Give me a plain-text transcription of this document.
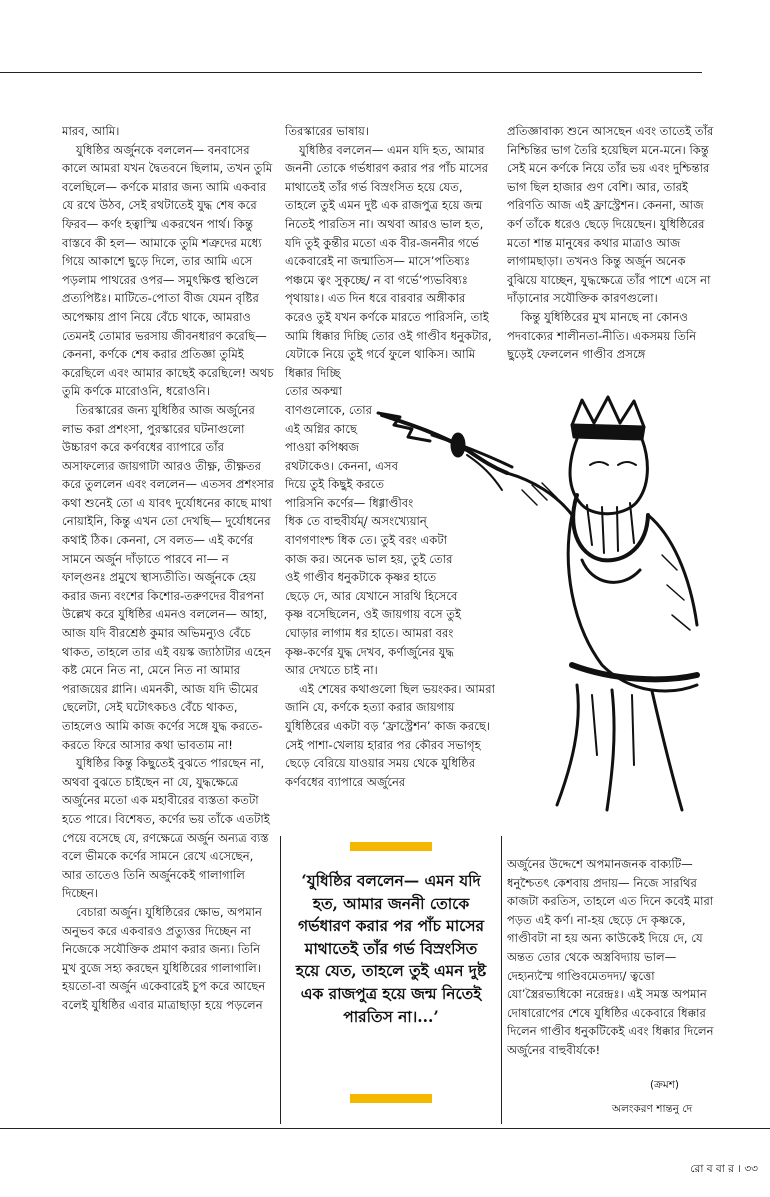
মারব, আমি।

যুধিষ্ঠির অর্জুনকে বললেন— বনবাসের কালে আমরা যখন দ্বৈতবনে ছিলাম, তখন তুমি বলেছিলে— কর্ণকে মারার জন্য আমি একবার যে রথে উঠব, সেই রথটাতেই যুদ্ধ শেষ করে ফিরব— কর্ণং হত্বাস্মি একরথেন পার্থ। কিন্তু বাস্তবে কী হল— আমাকে তুমি শত্রুদের মধ্যে গিয়ে আকাশে ছুড়ে দিলে, তার আমি এসে পড়লাম পাথরের ওপর— সমুৎক্ষিপ্ত স্থণ্ডিলে প্রত্যপিষ্টঃ। মাটিতে-পোতা বীজ যেমন বৃষ্টির অপেক্ষায় প্রাণ নিয়ে বেঁচে থাকে, আমরাও তেমনই তোমার ভরসায় জীবনধারণ করেছি— কেননা, কর্ণকে শেষ করার প্রতিজ্ঞা তুমিই করেছিলে এবং আমার কাছেই করেছিলে! অথচ তুমি কর্ণকে মারোওনি, ধরোওনি।

তিরস্কারের জন্য যুধিষ্ঠির আজ অর্জুনের লাভ করা প্রশংসা, পুরস্কারের ঘটনাগুলো উচ্চারণ করে কর্ণবধের ব্যাপারে তাঁর অসাফল্যের জায়গাটা আরও তীক্ষ্ণ, তীক্ষ্ণতর করে তুললেন এবং বললেন— এতসব প্রশংসার কথা শুনেই তো এ যাবৎ দুর্যোধনের কাছে মাথা নোয়াইনি, কিন্তু এখন তো দেখছি— দুর্যোধনের কথাই ঠিক। কেননা, সে বলত— এই কর্ণের সামনে অর্জুন দাঁড়াতে পারবে না— ন ফাল্গুনঃ প্রমুখে স্থাস্যতীতি। অর্জুনকে হেয় করার জন্য বংশের কিশোর-তরুণদের বীরপনা উল্লেখ করে যুধিষ্ঠির এমনও বললেন— আহা, আজ যদি বীরশ্রেষ্ঠ কুমার অভিমন্যুও বেঁচে থাকত, তাহলে তার এই বয়স্ক জ্যাঠাটার এহেন কষ্ট মেনে নিত না, মেনে নিত না আমার পরাজয়ের গ্লানি। এমনকী, আজ যদি ভীমের ছেলেটা, সেই ঘটোৎকচও বেঁচে থাকত, তাহলেও আমি কাজ কর্ণের সঙ্গে যুদ্ধ করতে-করতে ফিরে আসার কথা ভাবতাম না!

যুধিষ্ঠির কিন্তু কিছুতেই বুঝতে পারছেন না, অথবা বুঝতে চাইছেন না যে, যুদ্ধক্ষেত্রে অর্জুনের মতো এক মহাবীরের ব্যস্ততা কতটা হতে পারে। বিশেষত, কর্ণের ভয় তাঁকে এতটাই পেয়ে বসেছে যে, রণক্ষেত্রে অর্জুন অন্যত্র ব্যস্ত বলে ভীমকে কর্ণের সামনে রেখে এসেছেন, আর তাতেও তিনি অর্জুনকেই গালাগালি দিচ্ছেন।

বেচারা অর্জুন। যুধিষ্ঠিরের ক্ষোভ, অপমান অনুভব করে একবারও প্রত্যুত্তর দিচ্ছেন না নিজেকে সযৌক্তিক প্রমাণ করার জন্য। তিনি মুখ বুজে সহ্য করছেন যুধিষ্ঠিরের গালাগালি। হয়তো-বা অর্জুন একেবারেই চুপ করে আছেন বলেই যুধিষ্ঠির এবার মাত্রাছাড়া হয়ে পড়লেন

তিরস্কারের ভাষায়।

যুধিষ্ঠির বললেন— এমন যদি হত, আমার জননী তোকে গর্ভধারণ করার পর পাঁচ মাসের মাথাতেই তাঁর গর্ভ বিস্রংসিত হয়ে যেত, তাহলে তুই এমন দুষ্ট এক রাজপুত্র হয়ে জন্ম নিতেই পারতিস না। অথবা আরও ভাল হত, যদি তুই কুন্তীর মতো এক বীর-জননীর গর্ভে একেবারেই না জন্মাতিস— মাসে’পতিষ্যঃ পঞ্চমে ত্বং সুকৃচ্ছে/ ন বা গর্ভে’প্যভবিষ্যঃ পৃথায়াঃ। এত দিন ধরে বারবার অঙ্গীকার করেও তুই যখন কর্ণকে মারতে পারিসনি, তাই আমি ধিক্কার দিচ্ছি তোর ওই গাণ্ডীব ধনুকটার, যেটাকে নিয়ে তুই গর্বে ফুলে থাকিস। আমি ধিক্কার দিচ্ছি

তোর অকম্মা
বাণগুলোকে, তোর
এই অগ্নির কাছে
পাওয়া কপিধ্বজ
রথটাকেও। কেননা, এসব
দিয়ে তুই কিছুই করতে
পারিসনি কর্ণের— ধিগ্গাণ্ডীবং
ধিক তে বাহুবীর্যম্/ অসংখ্যেয়ান্
বাণগণাংশ্চ ধিক তে। তুই বরং একটা
কাজ কর। অনেক ভাল হয়, তুই তোর
ওই গাণ্ডীব ধনুকটাকে কৃষ্ণর হাতে
ছেড়ে দে, আর যেখানে সারথি হিসেবে
কৃষ্ণ বসেছিলেন, ওই জায়গায় বসে তুই
ঘোড়ার লাগাম ধর হাতে। আমরা বরং
কৃষ্ণ-কর্ণের যুদ্ধ দেখব, কর্ণার্জুনের যুদ্ধ
আর দেখতে চাই না।

এই শেষের কথাগুলো ছিল ভয়ংকর। আমরা জানি যে, কর্ণকে হত্যা করার জায়গায় যুধিষ্ঠিরের একটা বড় ‘ফ্রাস্ট্রেশন’ কাজ করছে। সেই পাশা-খেলায় হারার পর কৌরব সভাগৃহ ছেড়ে বেরিয়ে যাওয়ার সময় থেকে যুধিষ্ঠির কর্ণবধের ব্যাপারে অর্জুনের

প্রতিজ্ঞাবাক্য শুনে আসছেন এবং তাতেই তাঁর নিশ্চিন্তির ভাগ তৈরি হয়েছিল মনে-মনে। কিন্তু সেই মনে কর্ণকে নিয়ে তাঁর ভয় এবং দুশ্চিন্তার ভাগ ছিল হাজার গুণ বেশি। আর, তারই পরিণতি আজ এই ফ্রাস্ট্রেশন। কেননা, আজ কর্ণ তাঁকে ধরেও ছেড়ে দিয়েছেন। যুধিষ্ঠিরের মতো শান্ত মানুষের কথার মাত্রাও আজ লাগামছাড়া। তখনও কিন্তু অর্জুন অনেক বুঝিয়ে যাচ্ছেন, যুদ্ধক্ষেত্রে তাঁর পাশে এসে না দাঁড়ানোর সযৌক্তিক কারণগুলো।

কিন্তু যুধিষ্ঠিরের মুখ মানছে না কোনও পদবাক্যের শালীনতা-নীতি। একসময় তিনি ছুড়েই ফেললেন গাণ্ডীব প্রসঙ্গে

‘যুধিষ্ঠির বললেন— এমন যদি হত, আমার জননী তোকে গর্ভধারণ করার পর পাঁচ মাসের মাথাতেই তাঁর গর্ভ বিস্রংসিত হয়ে যেত, তাহলে তুই এমন দুষ্ট এক রাজপুত্র হয়ে জন্ম নিতেই পারতিস না।...’

অর্জুনের উদ্দেশে অপমানজনক বাক্যটি— ধনুশ্চৈতৎ কেশবায় প্রদায়— নিজে সারথির কাজটা করতিস, তাহলে এত দিনে কবেই মারা পড়ত এই কর্ণ। না-হয় ছেড়ে দে কৃষ্ণকে, গাণ্ডীবটা না হয় অন্য কাউকেই দিয়ে দে, যে অন্তত তোর থেকে অস্ত্রবিদ্যায় ভাল— দেহ্যন্যস্মৈ গাণ্ডিবমেতদদ্য/ ত্বত্তো যো’স্ত্রৈরভ্যধিকো নরেন্দ্রঃ। এই সমস্ত অপমান দোষারোপের শেষে যুধিষ্ঠির একেবারে ধিক্কার দিলেন গাণ্ডীব ধনুকটিকেই এবং ধিক্কার দিলেন অর্জুনের বাহুবীর্যকে!

(ক্রমশ)
অলংকরণ শান্তনু দে
রো ব বা র । ৩৩
